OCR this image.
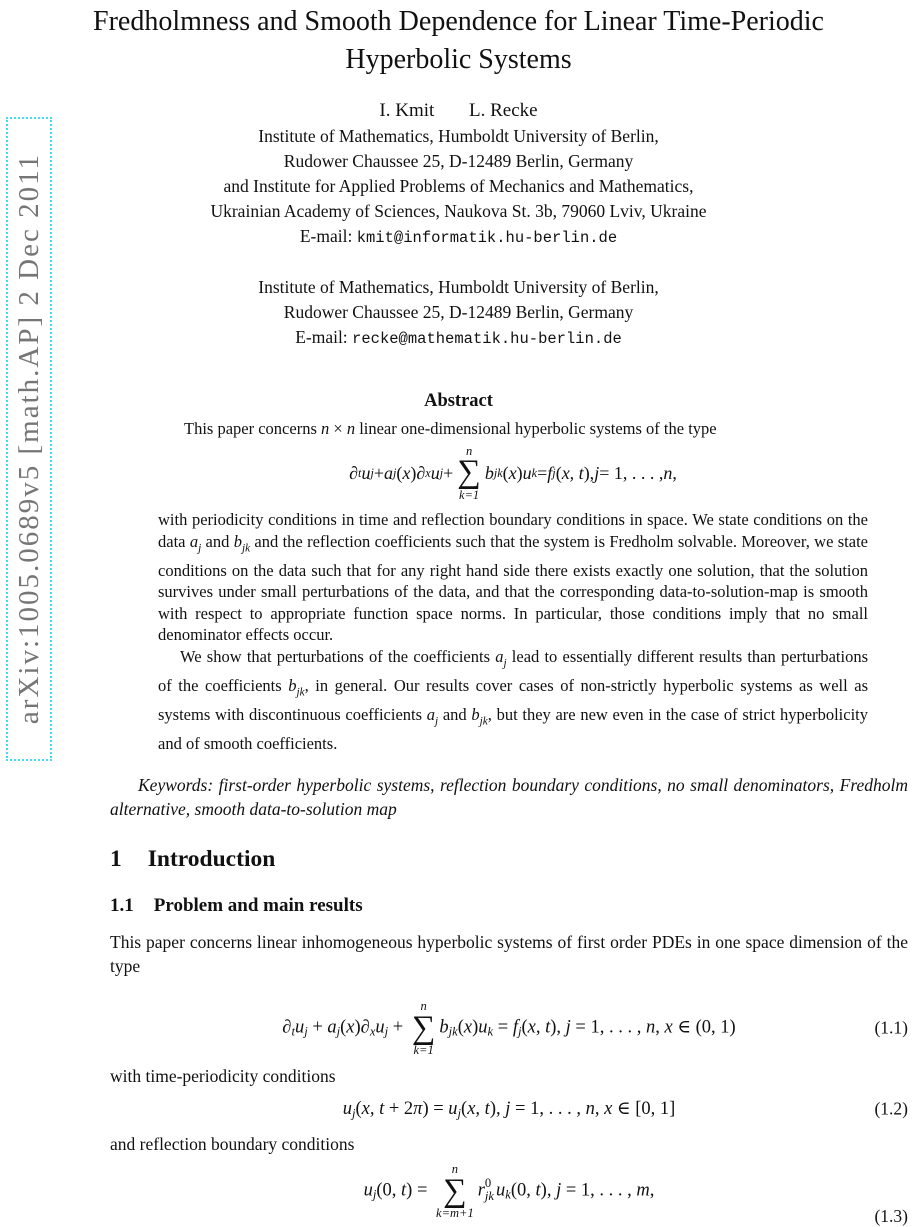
arXiv:1005.0689v5 [math.AP] 2 Dec 2011
Fredholmness and Smooth Dependence for Linear Time-Periodic
Hyperbolic Systems
I. Kmit L. Recke
Institute of Mathematics, Humboldt University of Berlin,
Rudower Chaussee 25, D-12489 Berlin, Germany
and Institute for Applied Problems of Mechanics and Mathematics,
Ukrainian Academy of Sciences, Naukova St. 3b, 79060 Lviv, Ukraine
E-mail: kmit@informatik.hu-berlin.de
Institute of Mathematics, Humboldt University of Berlin,
Rudower Chaussee 25, D-12489 Berlin, Germany
E-mail: recke@mathematik.hu-berlin.de
Abstract
This paper concerns n × n linear one-dimensional hyperbolic systems of the type
∂ t u j + a j ( x )∂ x u j +
n
∑
k=1
b jk ( x ) u k = f j ( x, t ), j = 1, . . . , n ,

with periodicity conditions in time and reflection boundary conditions in space. We state conditions on the data $a_j$ and $b_{jk}$ and the reflection coefficients such that the system is Fredholm solvable. Moreover, we state conditions on the data such that for any right hand side there exists exactly one solution, that the solution survives under small perturbations of the data, and that the corresponding data-to-solution-map is smooth with respect to appropriate function space norms. In particular, those conditions imply that no small denominator effects occur.

We show that perturbations of the coefficients $a_j$ lead to essentially different results than perturbations of the coefficients $b_{jk}$, in general. Our results cover cases of non-strictly hyperbolic systems as well as systems with discontinuous coefficients $a_j$ and $b_{jk}$, but they are new even in the case of strict hyperbolicity and of smooth coefficients.

Keywords: first-order hyperbolic systems, reflection boundary conditions, no small denominators, Fredholm alternative, smooth data-to-solution map
1 Introduction
1.1 Problem and main results

This paper concerns linear inhomogeneous hyperbolic systems of first order PDEs in one space dimension of the type

∂tuj + aj(x)∂xuj +
n
∑
k=1
bjk(x)uk = fj(x, t), j = 1, . . . , n, x ∈ (0, 1)	(1.1)
with time-periodicity conditions
uj(x, t + 2π) = uj(x, t), j = 1, . . . , n, x ∈ [0, 1]	(1.2)
and reflection boundary conditions
uj(0, t) =
n
∑
k=m+1
r 0
jk uk(0, t), j = 1, . . . , m,
(1.3)
